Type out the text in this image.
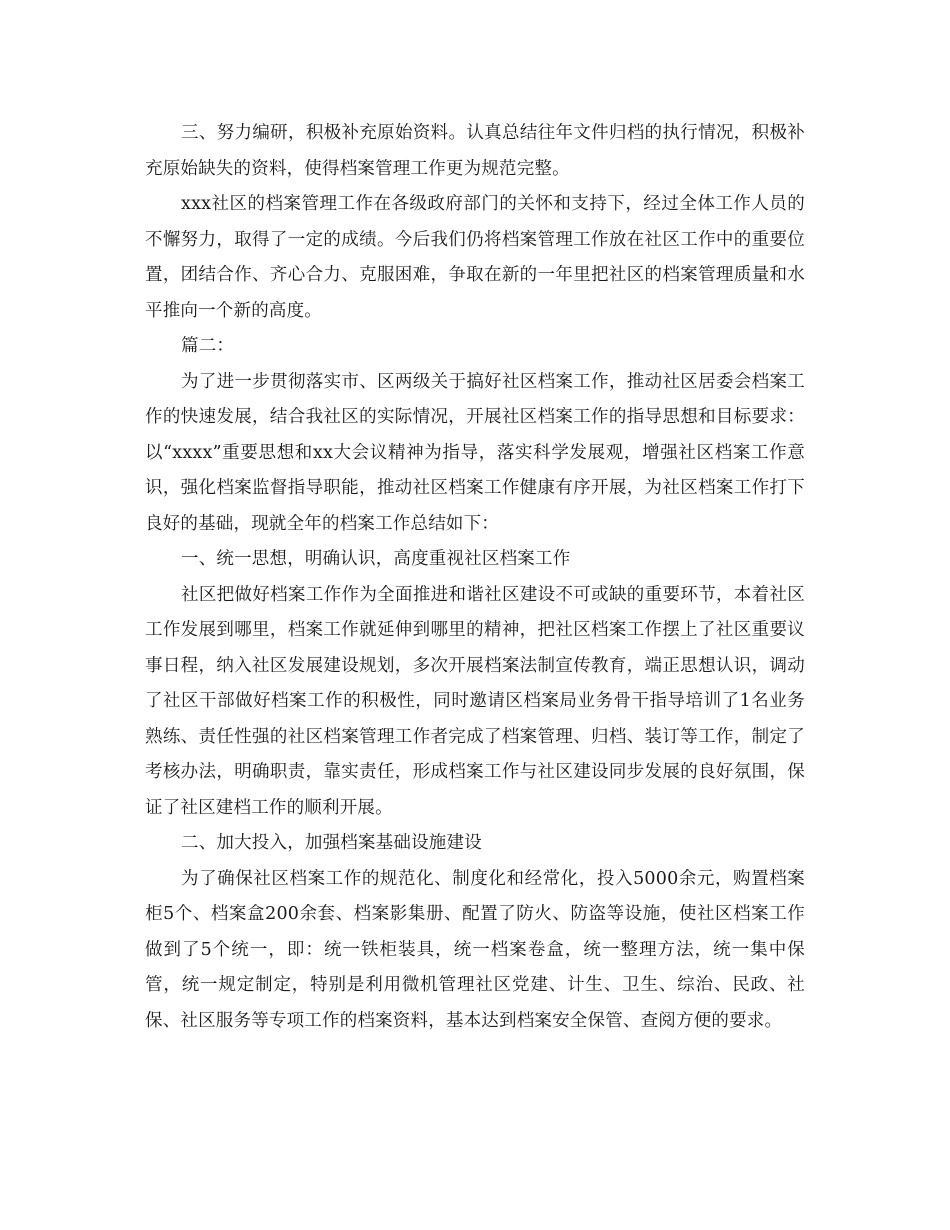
三、努力编研，积极补充原始资料。认真总结往年文件归档的执行情况，积极补充原始缺失的资料，使得档案管理工作更为规范完整。

xxx社区的档案管理工作在各级政府部门的关怀和支持下，经过全体工作人员的不懈努力，取得了一定的成绩。今后我们仍将档案管理工作放在社区工作中的重要位置，团结合作、齐心合力、克服困难，争取在新的一年里把社区的档案管理质量和水平推向一个新的高度。

篇二：

为了进一步贯彻落实市、区两级关于搞好社区档案工作，推动社区居委会档案工作的快速发展，结合我社区的实际情况，开展社区档案工作的指导思想和目标要求：以“xxxx”重要思想和xx大会议精神为指导，落实科学发展观，增强社区档案工作意识，强化档案监督指导职能，推动社区档案工作健康有序开展，为社区档案工作打下良好的基础，现就全年的档案工作总结如下：

一、统一思想，明确认识，高度重视社区档案工作

社区把做好档案工作作为全面推进和谐社区建设不可或缺的重要环节，本着社区工作发展到哪里，档案工作就延伸到哪里的精神，把社区档案工作摆上了社区重要议事日程，纳入社区发展建设规划，多次开展档案法制宣传教育，端正思想认识，调动了社区干部做好档案工作的积极性，同时邀请区档案局业务骨干指导培训了1名业务熟练、责任性强的社区档案管理工作者完成了档案管理、归档、装订等工作，制定了考核办法，明确职责，靠实责任，形成档案工作与社区建设同步发展的良好氛围，保证了社区建档工作的顺利开展。

二、加大投入，加强档案基础设施建设

为了确保社区档案工作的规范化、制度化和经常化，投入5000余元，购置档案柜5个、档案盒200余套、档案影集册、配置了防火、防盗等设施，使社区档案工作做到了5个统一，即：统一铁柜装具，统一档案卷盒，统一整理方法，统一集中保管，统一规定制定，特别是利用微机管理社区党建、计生、卫生、综治、民政、社保、社区服务等专项工作的档案资料，基本达到档案安全保管、查阅方便的要求。
